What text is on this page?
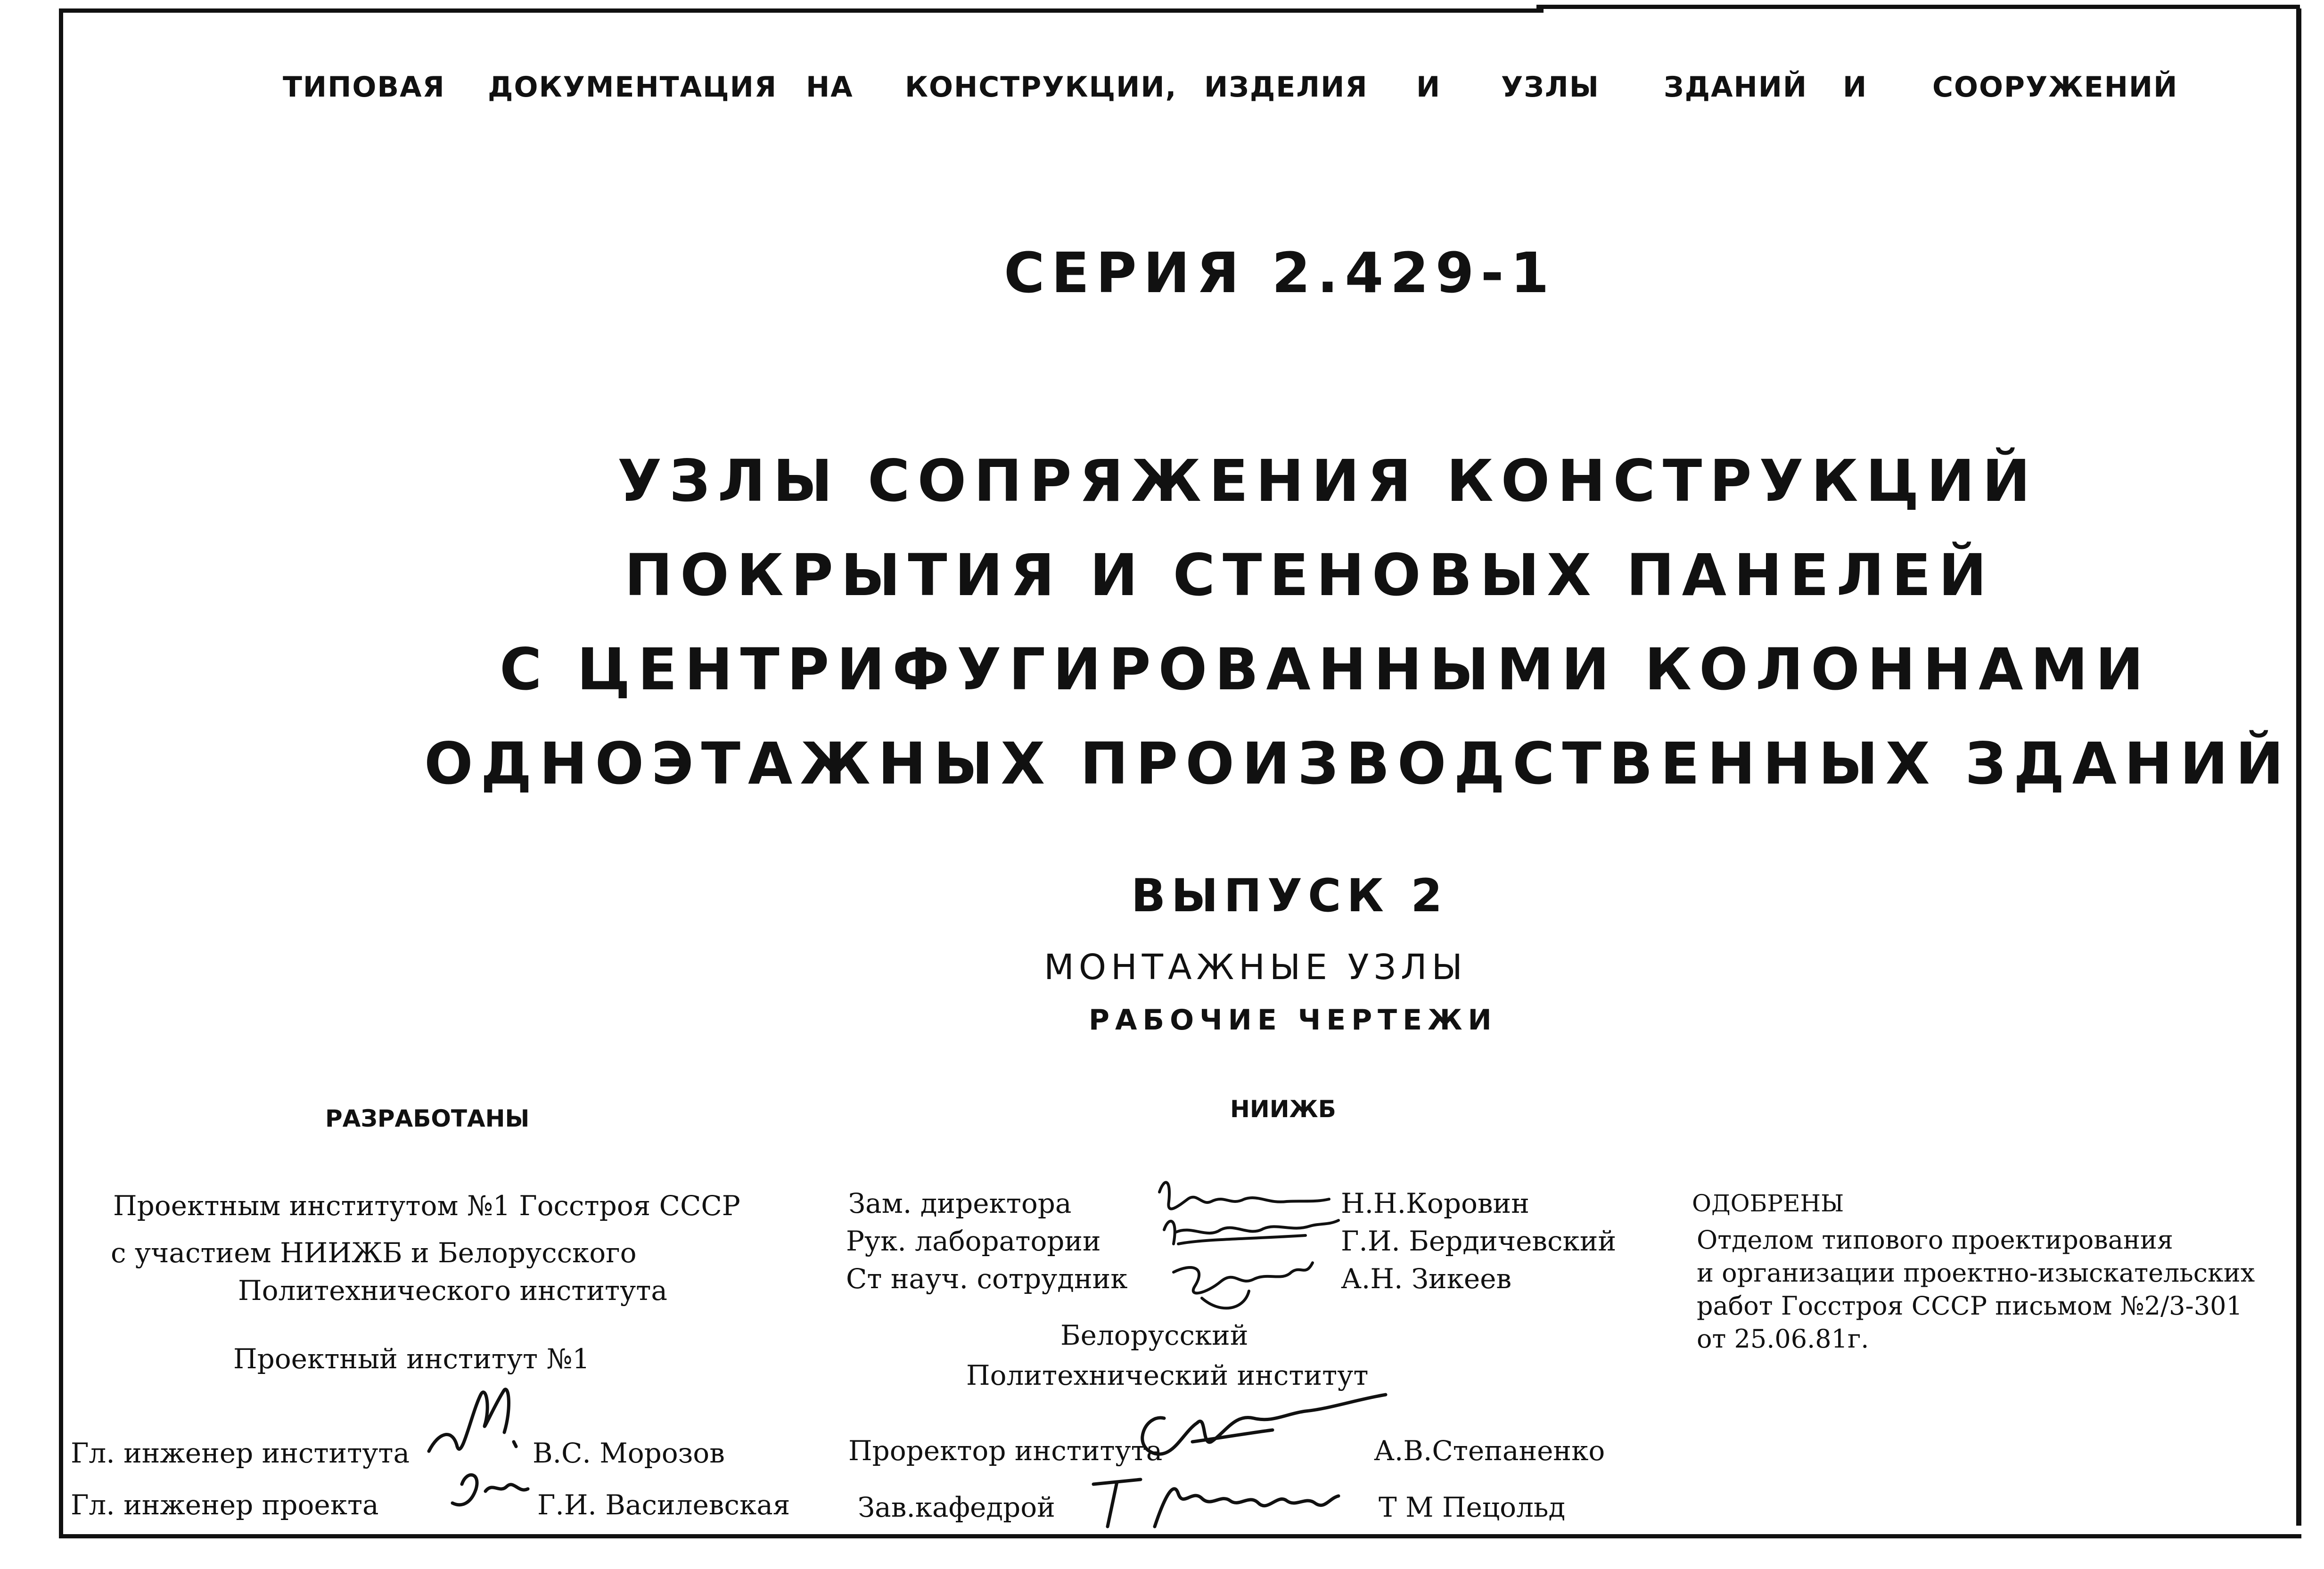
ТИПОВАЯ ДОКУМЕНТАЦИЯ НА КОНСТРУКЦИИ, ИЗДЕЛИЯ И УЗЛЫ ЗДАНИЙ И СООРУЖЕНИЙ
СЕРИЯ 2.429-1
УЗЛЫ СОПРЯЖЕНИЯ КОНСТРУКЦИЙ
ПОКРЫТИЯ И СТЕНОВЫХ ПАНЕЛЕЙ
С ЦЕНТРИФУГИРОВАННЫМИ КОЛОННАМИ
ОДНОЭТАЖНЫХ ПРОИЗВОДСТВЕННЫХ ЗДАНИЙ
ВЫПУСК 2
МОНТАЖНЫЕ УЗЛЫ
РАБОЧИЕ ЧЕРТЕЖИ
РАЗРАБОТАНЫ	НИИЖБ
Проектным институтом №1 Госстроя СССР
с участием НИИЖБ и Белорусского
Политехнического института
Зам. директора
Рук. лаборатории
Ст науч. сотрудник
Н.Н.Коровин
Г.И. Бердичевский
А.Н. Зикеев
ОДОБРЕНЫ
Отделом типового проектирования
и организации проектно-изыскательских
работ Госстроя СССР письмом №2/3-301
от 25.06.81г.
Белорусский
Политехнический институт
Проектный институт №1
Гл. инженер института
Гл. инженер проекта
В.С. Морозов
Г.И. Василевская
Проректор института
Зав.кафедрой
А.В.Степаненко
Т М Пецольд
